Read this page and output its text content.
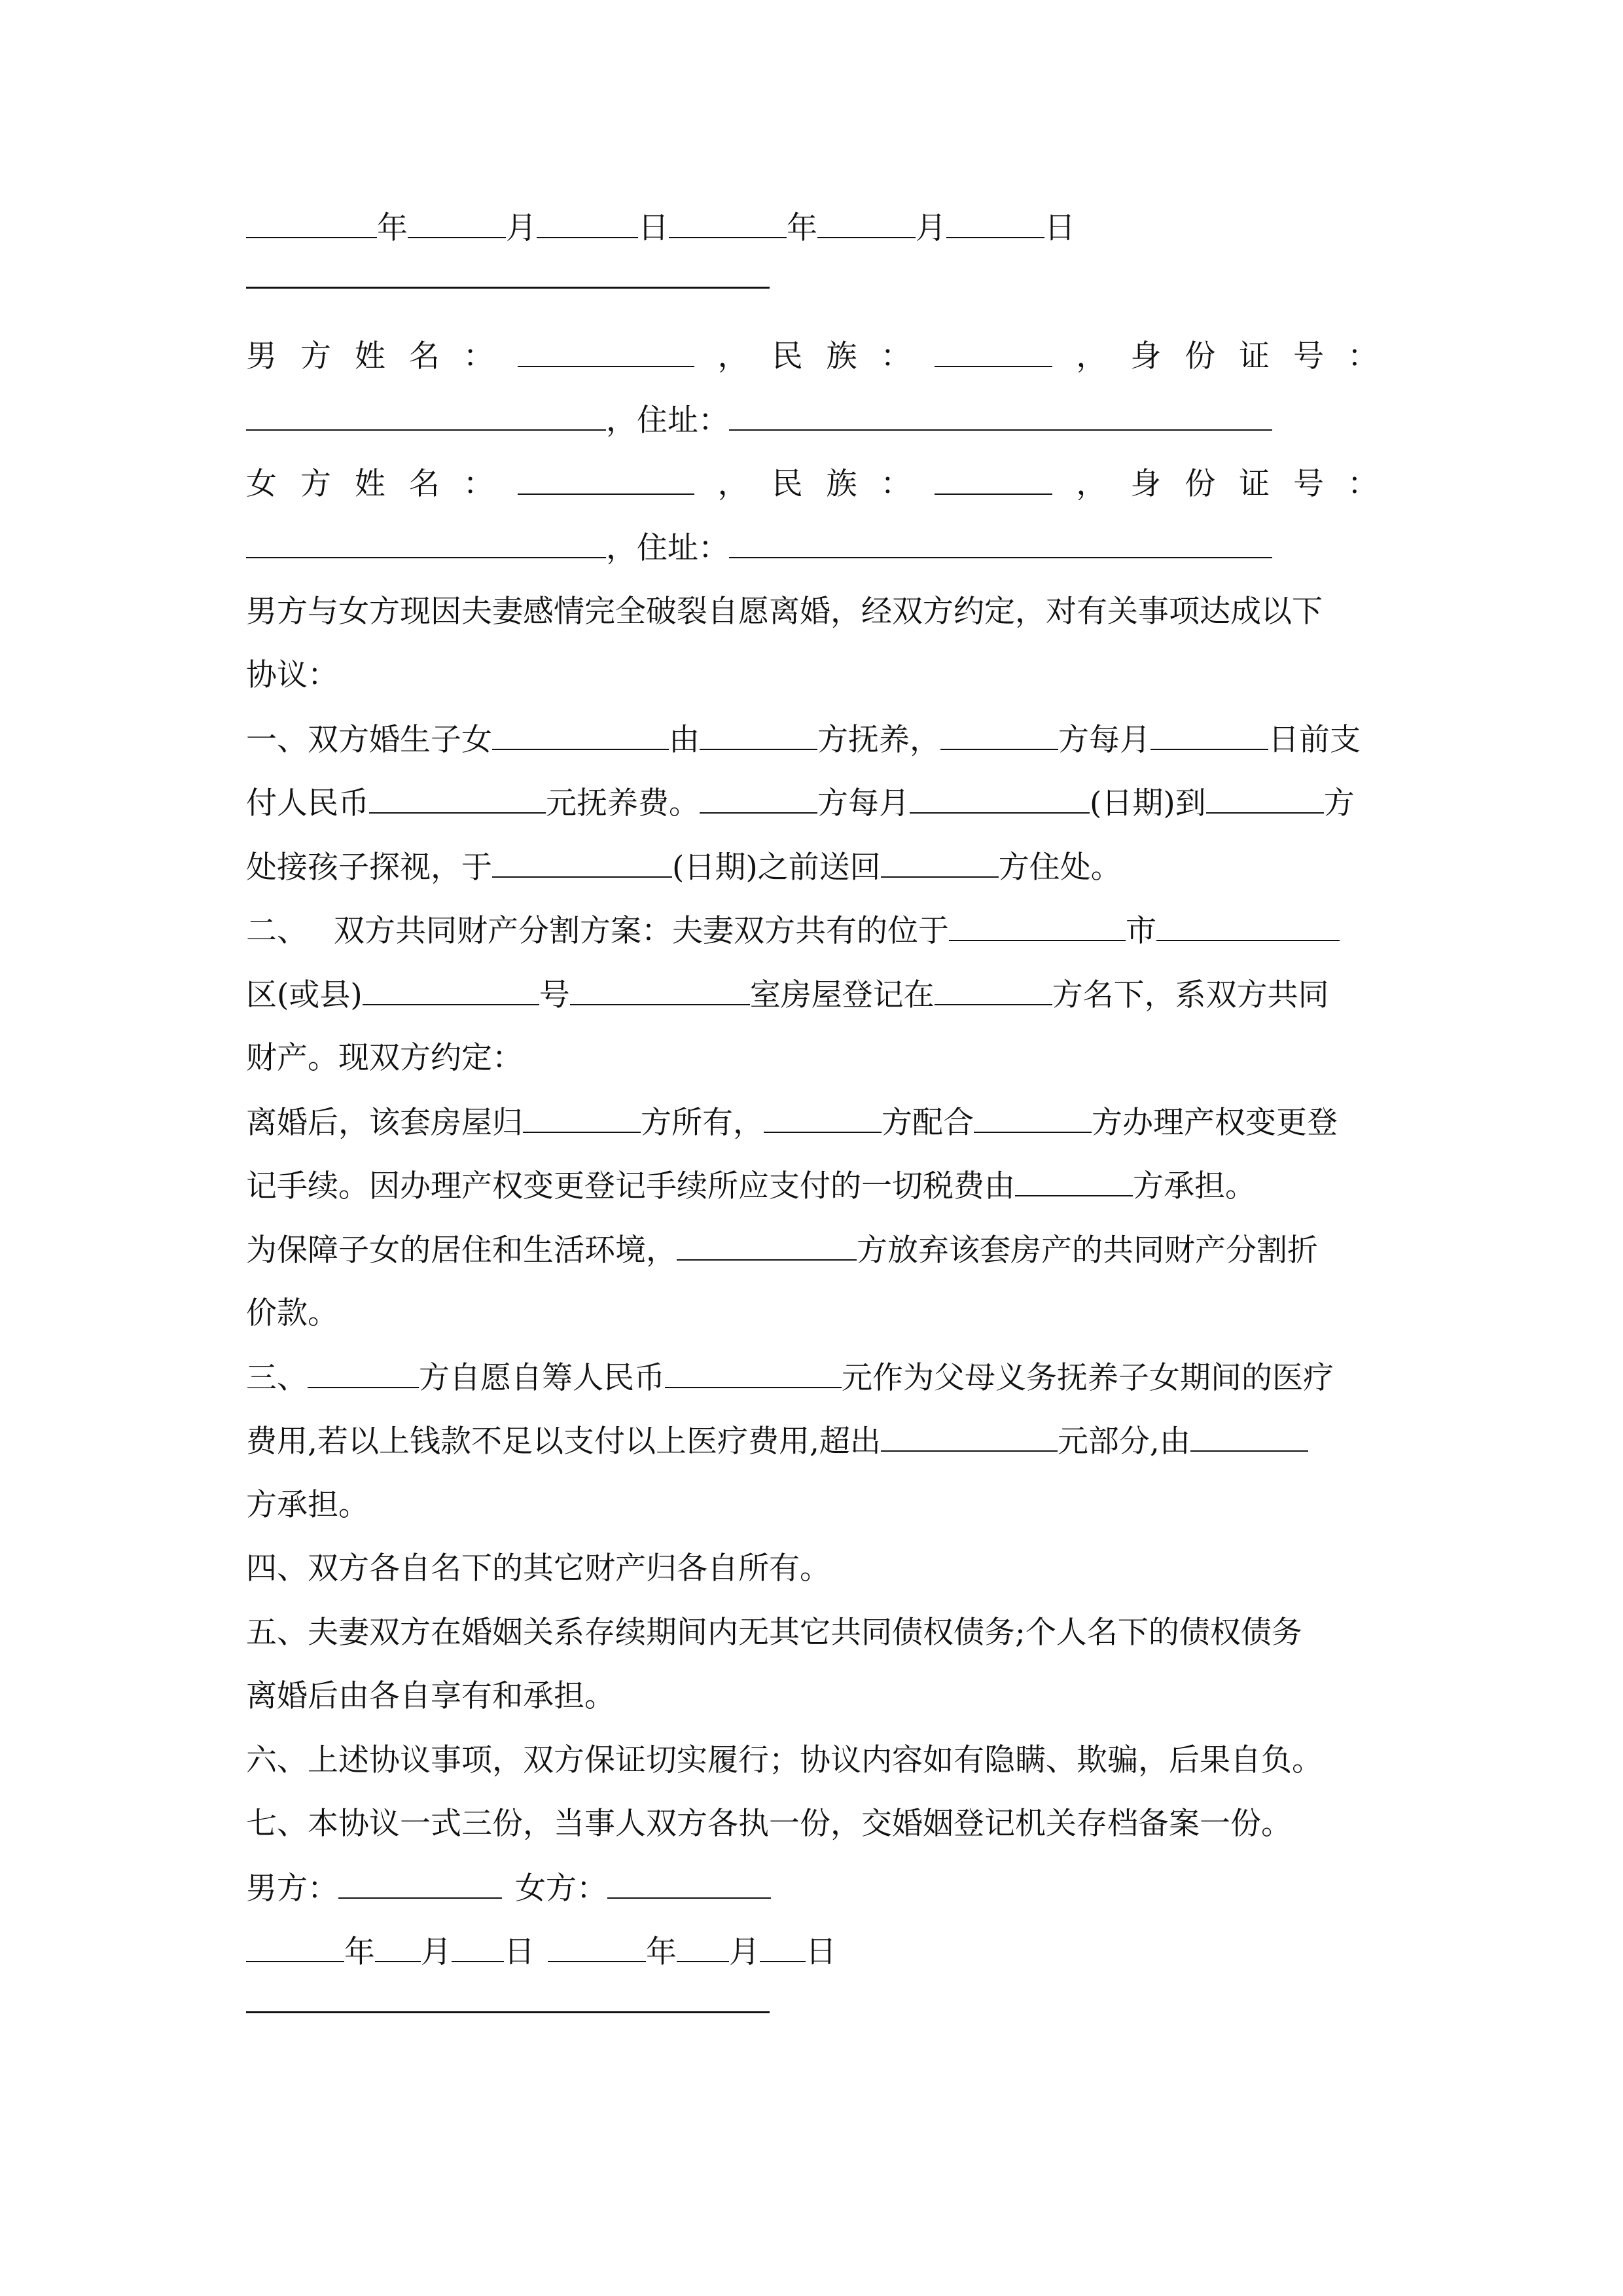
年	月	日	年	月	日
男 方 姓 名 ：	， 民 族 ：	， 身 份 证 号 ：
，住址：
女 方 姓 名 ：	， 民 族 ：	， 身 份 证 号 ：
，住址：
男方与女方现因夫妻感情完全破裂自愿离婚，经双方约定，对有关事项达成以下
协议：
一、双方婚生子女	由	方抚养，	方每月	日前支
付人民币	元抚养费。	方每月	(日期)到	方
处接孩子探视，于	(日期)之前送回	方住处。
二、 双方共同财产分割方案：夫妻双方共有的位于	市
区(或县)	号	室房屋登记在	方名下，系双方共同
财产。现双方约定：
离婚后，该套房屋归	方所有，	方配合	方办理产权变更登
记手续。因办理产权变更登记手续所应支付的一切税费由	方承担。
为保障子女的居住和生活环境，	方放弃该套房产的共同财产分割折
价款。
三、	方自愿自筹人民币	元作为父母义务抚养子女期间的医疗
费用,若以上钱款不足以支付以上医疗费用,超出	元部分,由
方承担。
四、双方各自名下的其它财产归各自所有。
五、夫妻双方在婚姻关系存续期间内无其它共同债权债务;个人名下的债权债务
离婚后由各自享有和承担。
六、上述协议事项，双方保证切实履行；协议内容如有隐瞒、欺骗，后果自负。
七、本协议一式三份，当事人双方各执一份，交婚姻登记机关存档备案一份。
男方：	女方：
年 月 日	年 月 日
